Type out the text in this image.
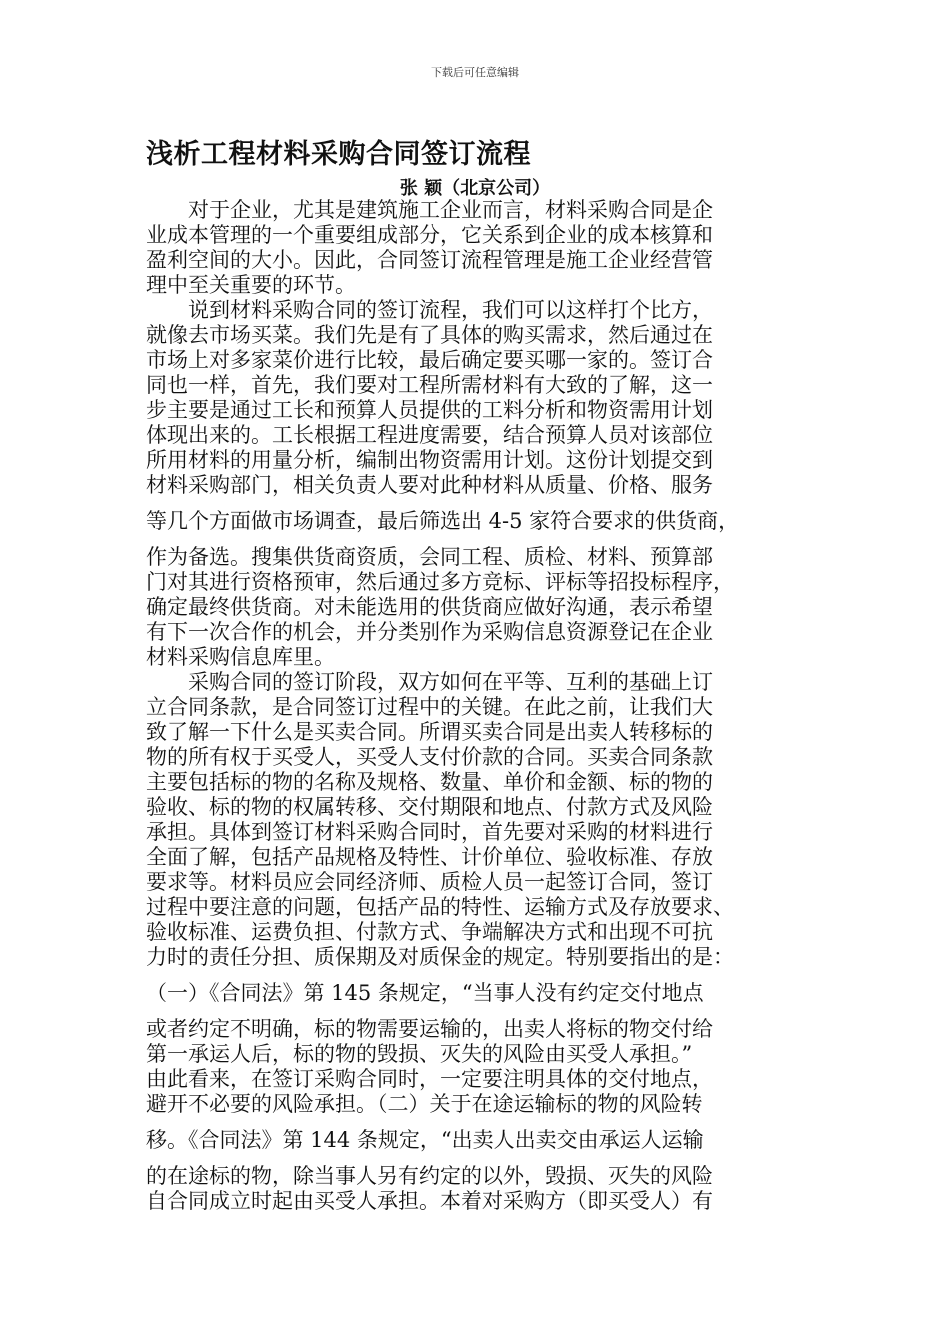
下载后可任意编辑
浅析工程材料采购合同签订流程
张 颖（北京公司）
　　对于企业，尤其是建筑施工企业而言，材料采购合同是企
业成本管理的一个重要组成部分，它关系到企业的成本核算和
盈利空间的大小。因此，合同签订流程管理是施工企业经营管
理中至关重要的环节。
　　说到材料采购合同的签订流程，我们可以这样打个比方，
就像去市场买菜。我们先是有了具体的购买需求，然后通过在
市场上对多家菜价进行比较，最后确定要买哪一家的。签订合
同也一样，首先，我们要对工程所需材料有大致的了解，这一
步主要是通过工长和预算人员提供的工料分析和物资需用计划
体现出来的。工长根据工程进度需要，结合预算人员对该部位
所用材料的用量分析，编制出物资需用计划。这份计划提交到
材料采购部门，相关负责人要对此种材料从质量、价格、服务
等几个方面做市场调查，最后筛选出 4-5 家符合要求的供货商，
作为备选。搜集供货商资质，会同工程、质检、材料、预算部
门对其进行资格预审，然后通过多方竞标、评标等招投标程序，
确定最终供货商。对未能选用的供货商应做好沟通，表示希望
有下一次合作的机会，并分类别作为采购信息资源登记在企业
材料采购信息库里。
　　采购合同的签订阶段，双方如何在平等、互利的基础上订
立合同条款，是合同签订过程中的关键。在此之前，让我们大
致了解一下什么是买卖合同。所谓买卖合同是出卖人转移标的
物的所有权于买受人，买受人支付价款的合同。买卖合同条款
主要包括标的物的名称及规格、数量、单价和金额、标的物的
验收、标的物的权属转移、交付期限和地点、付款方式及风险
承担。具体到签订材料采购合同时，首先要对采购的材料进行
全面了解，包括产品规格及特性、计价单位、验收标准、存放
要求等。材料员应会同经济师、质检人员一起签订合同，签订
过程中要注意的问题，包括产品的特性、运输方式及存放要求、
验收标准、运费负担、付款方式、争端解决方式和出现不可抗
力时的责任分担、质保期及对质保金的规定。特别要指出的是：
（一）《合同法》第 145 条规定，“当事人没有约定交付地点
或者约定不明确，标的物需要运输的，出卖人将标的物交付给
第一承运人后，标的物的毁损、灭失的风险由买受人承担。”
由此看来，在签订采购合同时，一定要注明具体的交付地点，
避开不必要的风险承担。（二）关于在途运输标的物的风险转
移。《合同法》第 144 条规定，“出卖人出卖交由承运人运输
的在途标的物，除当事人另有约定的以外，毁损、灭失的风险
自合同成立时起由买受人承担。本着对采购方（即买受人）有
